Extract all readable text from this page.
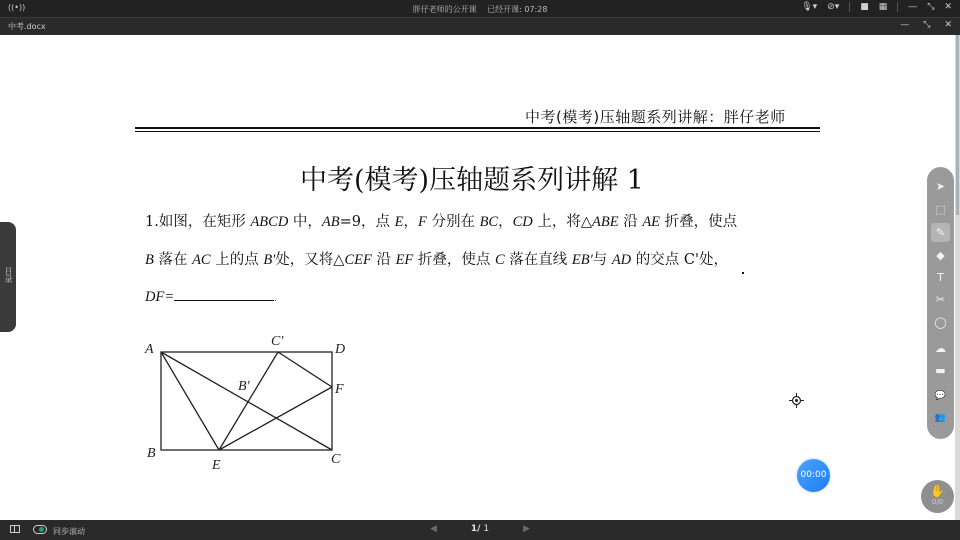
((•))	胖仔老师的公开课 已经开课: 07:28	🎙▾ ⊘▾ ■ ▦ — ⤡ ✕
中考.docx	— ⤡ ✕
中考(模考)压轴题系列讲解：胖仔老师
中考(模考)压轴题系列讲解 1
1.如图，在矩形 ABCD 中，AB=9，点 E，F 分别在 BC，CD 上，将△ABE 沿 AE 折叠，使点
B 落在 AC 上的点 B'处，又将△CEF 沿 EF 折叠，使点 C 落在直线 EB'与 AD 的交点 C'处，
DF=	.
A
B	C
D
E
F
B'
C'
目录
➤
⬚
✎
◆
T
✂
◯
☁
▬
💬
👥
00:00
✋
0/0
同步滚动	◀	1/ 1	▶
